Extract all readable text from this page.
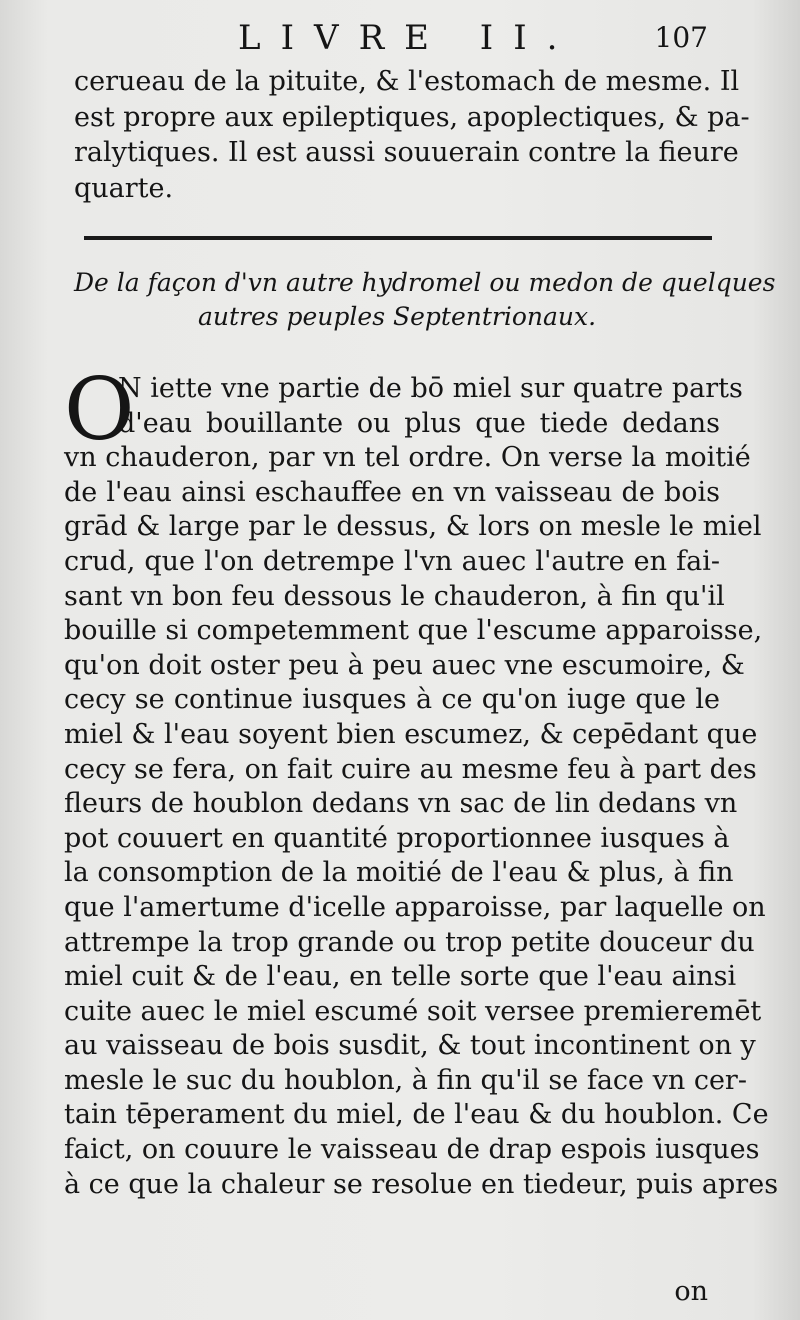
LIVRE II.	107
cerueau de la pituite, & l'estomach de mesme. Il
est propre aux epileptiques, apoplectiques, & pa-
ralytiques. Il est aussi souuerain contre la fieure
quarte.
De la façon d'vn autre hydromel ou medon de quelques
autres peuples Septentrionaux.
O
N iette vne partie de bō miel sur quatre parts
d'eau bouillante ou plus que tiede dedans
vn chauderon, par vn tel ordre. On verse la moitié
de l'eau ainsi eschauffee en vn vaisseau de bois
grād & large par le dessus, & lors on mesle le miel
crud, que l'on detrempe l'vn auec l'autre en fai-
sant vn bon feu dessous le chauderon, à fin qu'il
bouille si competemment que l'escume apparoisse,
qu'on doit oster peu à peu auec vne escumoire, &
cecy se continue iusques à ce qu'on iuge que le
miel & l'eau soyent bien escumez, & cepēdant que
cecy se fera, on fait cuire au mesme feu à part des
fleurs de houblon dedans vn sac de lin dedans vn
pot couuert en quantité proportionnee iusques à
la consomption de la moitié de l'eau & plus, à fin
que l'amertume d'icelle apparoisse, par laquelle on
attrempe la trop grande ou trop petite douceur du
miel cuit & de l'eau, en telle sorte que l'eau ainsi
cuite auec le miel escumé soit versee premieremēt
au vaisseau de bois susdit, & tout incontinent on y
mesle le suc du houblon, à fin qu'il se face vn cer-
tain tēperament du miel, de l'eau & du houblon. Ce
faict, on couure le vaisseau de drap espois iusques
à ce que la chaleur se resolue en tiedeur, puis apres
on
